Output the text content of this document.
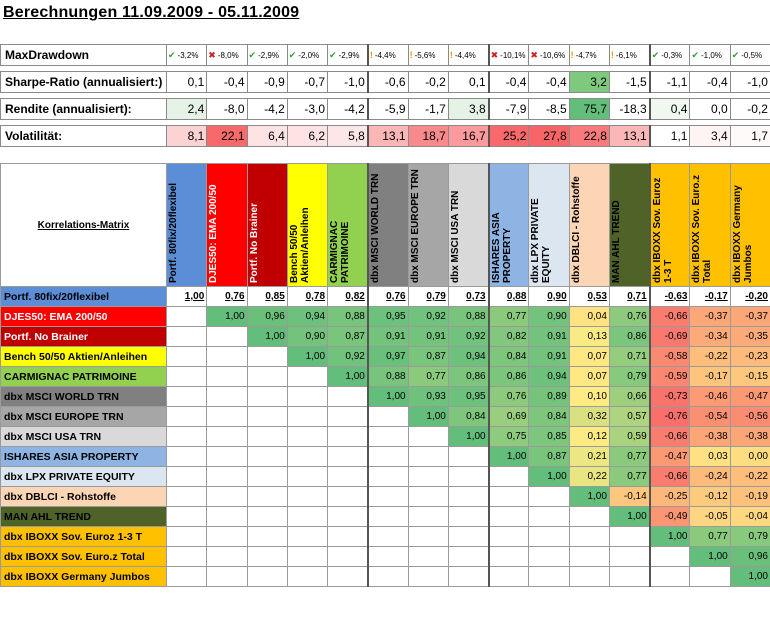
Berechnungen 11.09.2009 - 05.11.2009
MaxDrawdown	✔ -3,2%	✖ -8,0%	✔ -2,9%	✔ -2,0%	✔ -2,9%	! -4,4%	! -5,6%	! -4,4%	✖ -10,1%	✖ -10,6%	! -4,7%	! -6,1%	✔ -0,3%	✔ -1,0%	✔ -0,5%

Sharpe-Ratio (annualisiert:)	0,1	-0,4	-0,9	-0,7	-1,0	-0,6	-0,2	0,1	-0,4	-0,4	3,2	-1,5	-1,1	-0,4	-1,0

Rendite (annualisiert):	2,4	-8,0	-4,2	-3,0	-4,2	-5,9	-1,7	3,8	-7,9	-8,5	75,7	-18,3	0,4	0,0	-0,2

Volatilität:	8,1	22,1	6,4	6,2	5,8	13,1	18,7	16,7	25,2	27,8	22,8	13,1	1,1	3,4	1,7
Korrelations-Matrix	Portf. 80fix/20flexibel	DJES50: EMA 200/50	Portf. No Brainer	Bench 50/50 Aktien/Anleihen	CARMIGNAC PATRIMOINE	dbx MSCI WORLD TRN	dbx MSCI EUROPE TRN	dbx MSCI USA TRN	ISHARES ASIA PROPERTY	dbx LPX PRIVATE EQUITY	dbx DBLCI - Rohstoffe	MAN AHL TREND	dbx IBOXX Sov. Euroz 1-3 T	dbx IBOXX Sov. Euro.z Total	dbx IBOXX Germany Jumbos

Portf. 80fix/20flexibel	1,00	0,76	0,85	0,78	0,82	0,76	0,79	0,73	0,88	0,90	0,53	0,71	-0,63	-0,17	-0,20
DJES50: EMA 200/50		1,00	0,96	0,94	0,88	0,95	0,92	0,88	0,77	0,90	0,04	0,76	-0,66	-0,37	-0,37
Portf. No Brainer			1,00	0,90	0,87	0,91	0,91	0,92	0,82	0,91	0,13	0,86	-0,69	-0,34	-0,35
Bench 50/50 Aktien/Anleihen				1,00	0,92	0,97	0,87	0,94	0,84	0,91	0,07	0,71	-0,58	-0,22	-0,23
CARMIGNAC PATRIMOINE					1,00	0,88	0,77	0,86	0,86	0,94	0,07	0,79	-0,59	-0,17	-0,15
dbx MSCI WORLD TRN						1,00	0,93	0,95	0,76	0,89	0,10	0,66	-0,73	-0,46	-0,47
dbx MSCI EUROPE TRN							1,00	0,84	0,69	0,84	0,32	0,57	-0,76	-0,54	-0,56
dbx MSCI USA TRN								1,00	0,75	0,85	0,12	0,59	-0,66	-0,38	-0,38
ISHARES ASIA PROPERTY									1,00	0,87	0,21	0,77	-0,47	0,03	0,00
dbx LPX PRIVATE EQUITY										1,00	0,22	0,77	-0,66	-0,24	-0,22
dbx DBLCI - Rohstoffe											1,00	-0,14	-0,25	-0,12	-0,19
MAN AHL TREND												1,00	-0,49	-0,05	-0,04
dbx IBOXX Sov. Euroz 1-3 T													1,00	0,77	0,79
dbx IBOXX Sov. Euro.z Total														1,00	0,96
dbx IBOXX Germany Jumbos															1,00
